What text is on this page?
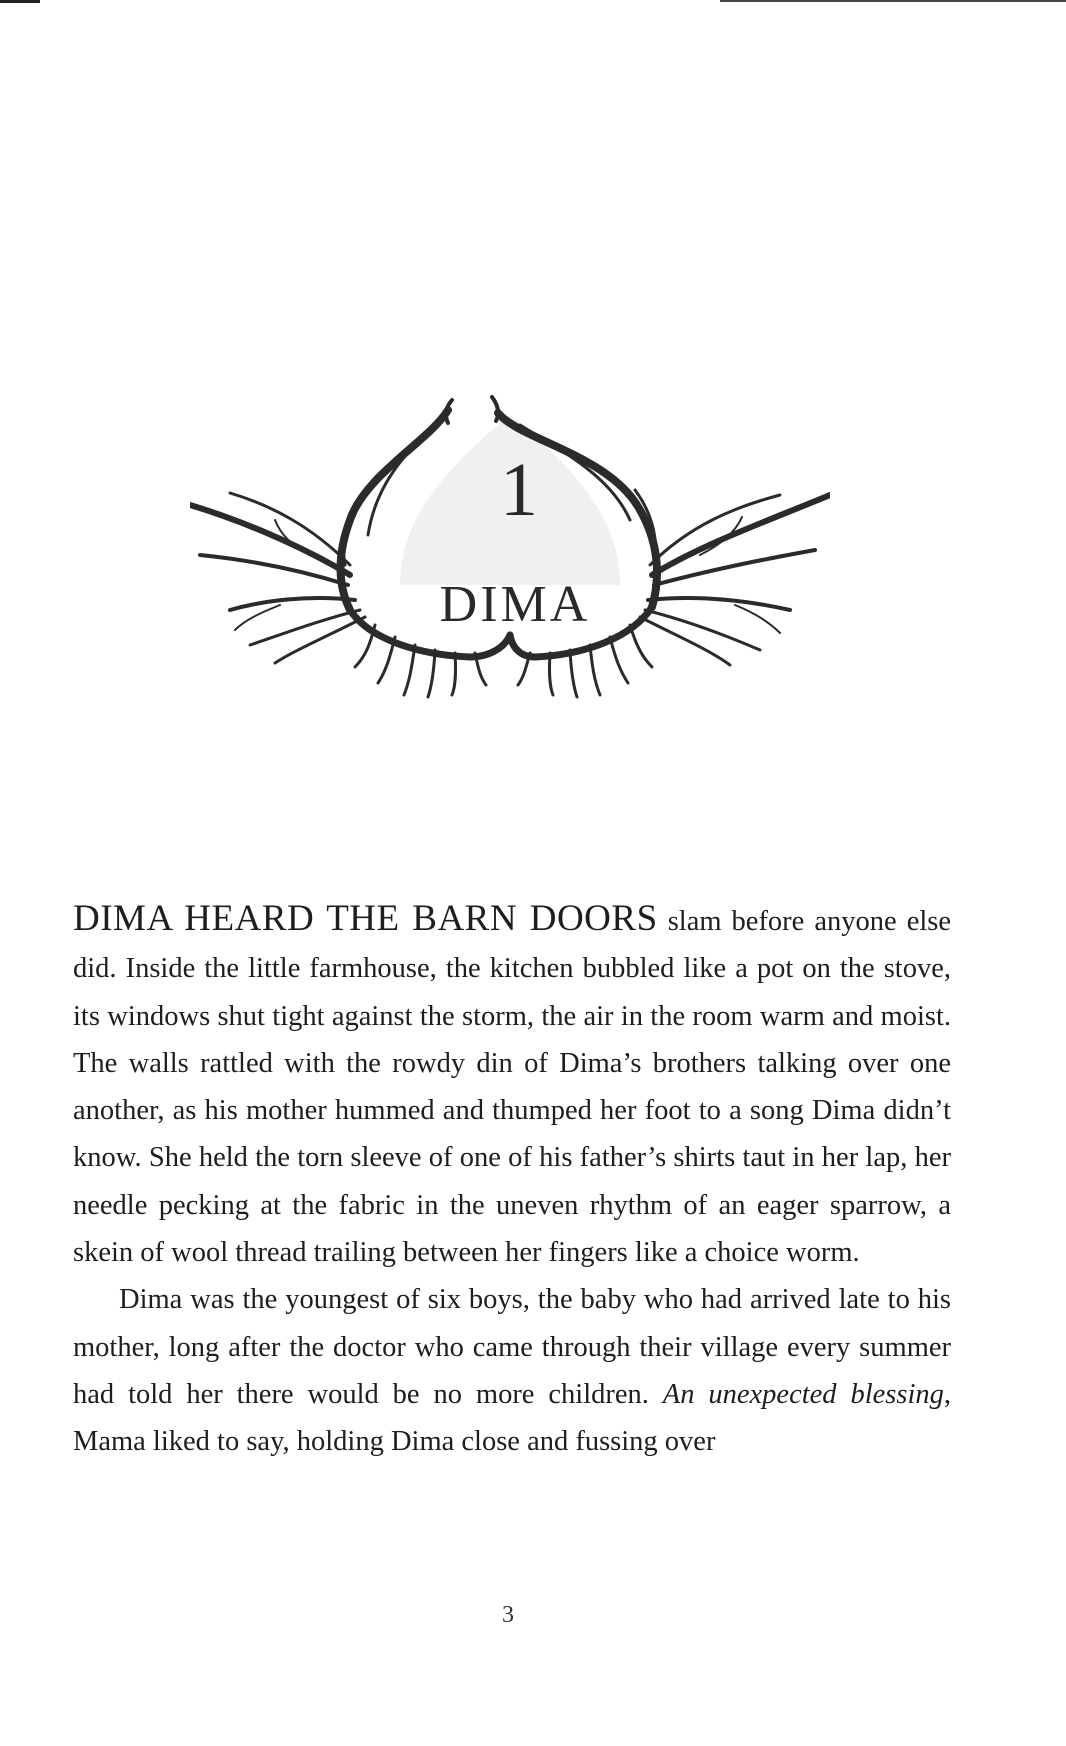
1
DIMA

DIMA HEARD THE BARN DOORS slam before anyone else did. Inside the little farmhouse, the kitchen bubbled like a pot on the stove, its windows shut tight against the storm, the air in the room warm and moist. The walls rattled with the rowdy din of Dima’s brothers talking over one another, as his mother hummed and thumped her foot to a song Dima didn’t know. She held the torn sleeve of one of his father’s shirts taut in her lap, her needle pecking at the fabric in the uneven rhythm of an eager sparrow, a skein of wool thread trailing between her fingers like a choice worm.

Dima was the youngest of six boys, the baby who had arrived late to his mother, long after the doctor who came through their village every summer had told her there would be no more children. An unexpected blessing, Mama liked to say, holding Dima close and fussing over

3
